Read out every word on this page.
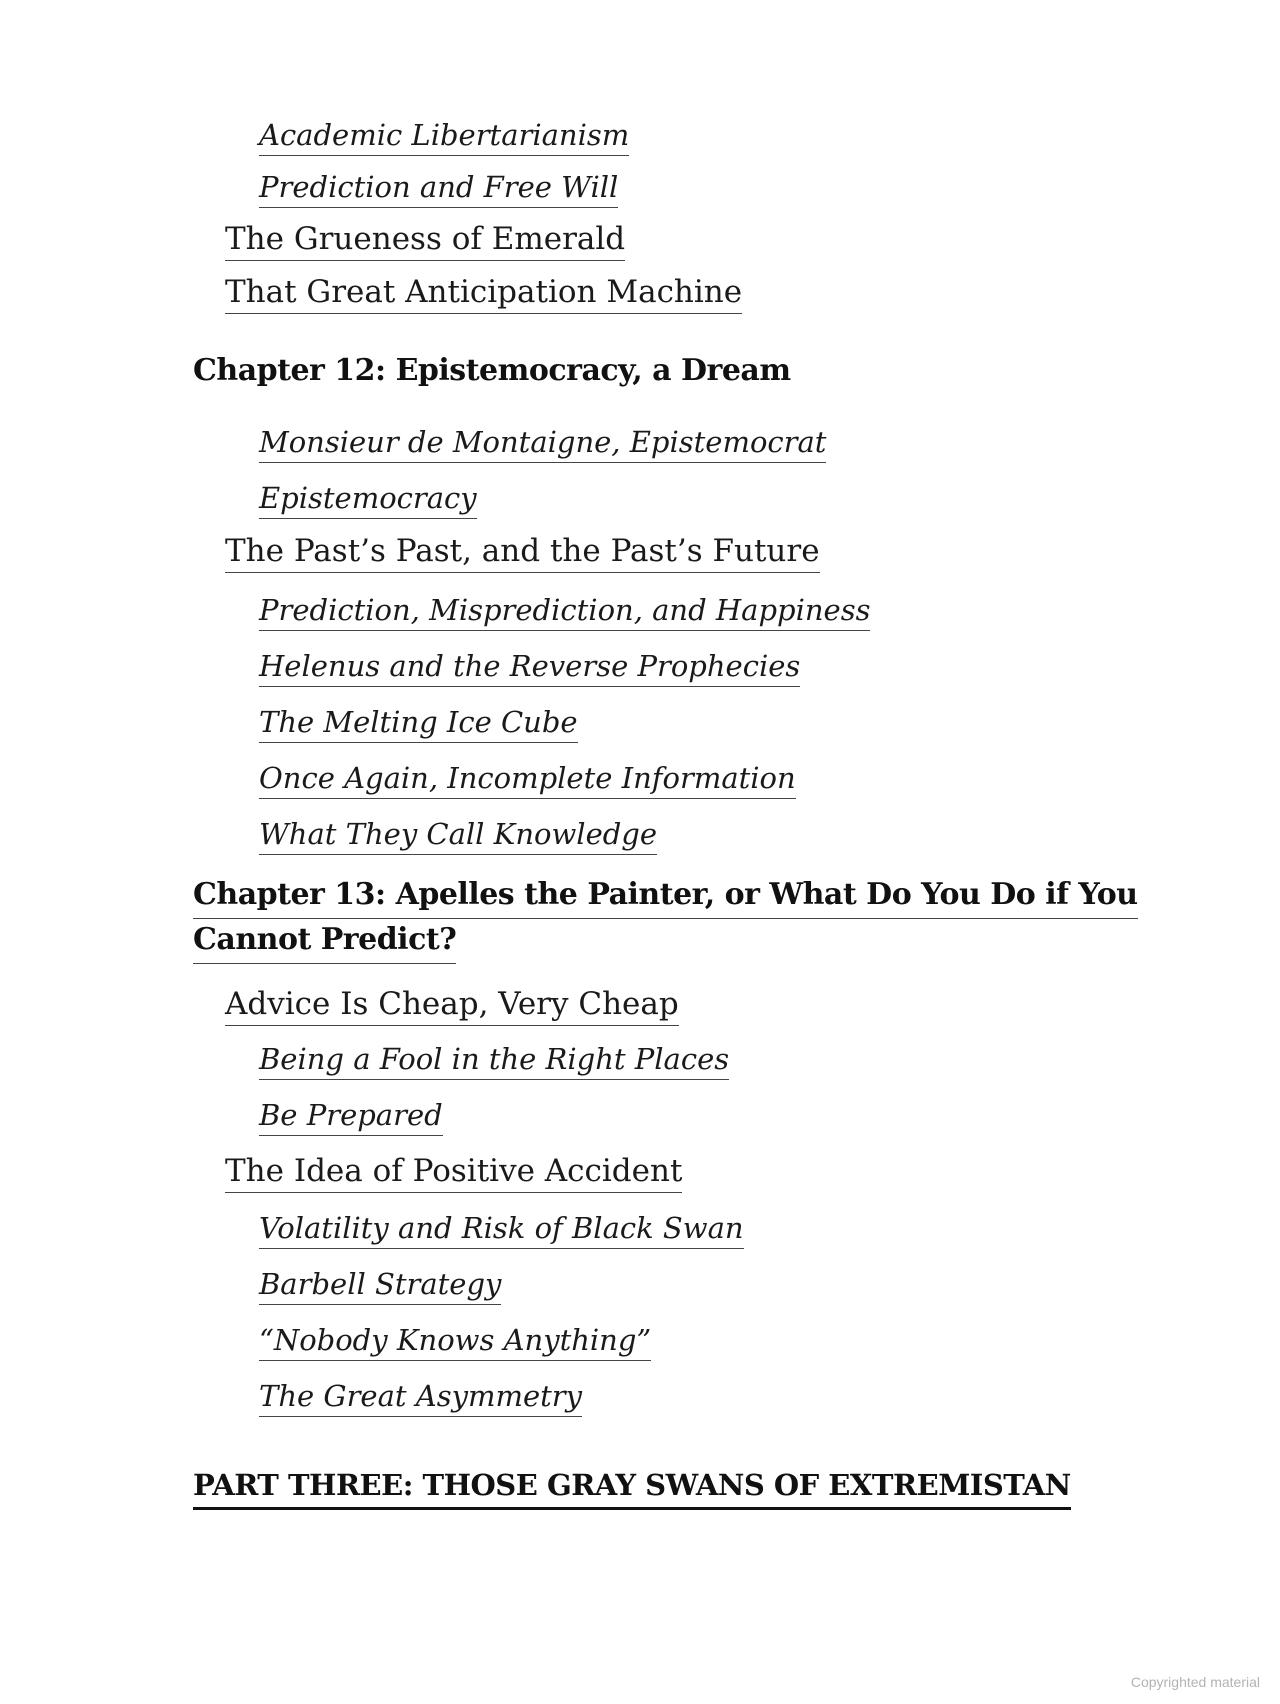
Academic Libertarianism
Prediction and Free Will
The Grueness of Emerald
That Great Anticipation Machine
Chapter 12: Epistemocracy, a Dream
Monsieur de Montaigne, Epistemocrat
Epistemocracy
The Past’s Past, and the Past’s Future
Prediction, Misprediction, and Happiness
Helenus and the Reverse Prophecies
The Melting Ice Cube
Once Again, Incomplete Information
What They Call Knowledge
Chapter 13: Apelles the Painter, or What Do You Do if You
Cannot Predict?
Advice Is Cheap, Very Cheap
Being a Fool in the Right Places
Be Prepared
The Idea of Positive Accident
Volatility and Risk of Black Swan
Barbell Strategy
“Nobody Knows Anything”
The Great Asymmetry
PART THREE: THOSE GRAY SWANS OF EXTREMISTAN
Copyrighted material
